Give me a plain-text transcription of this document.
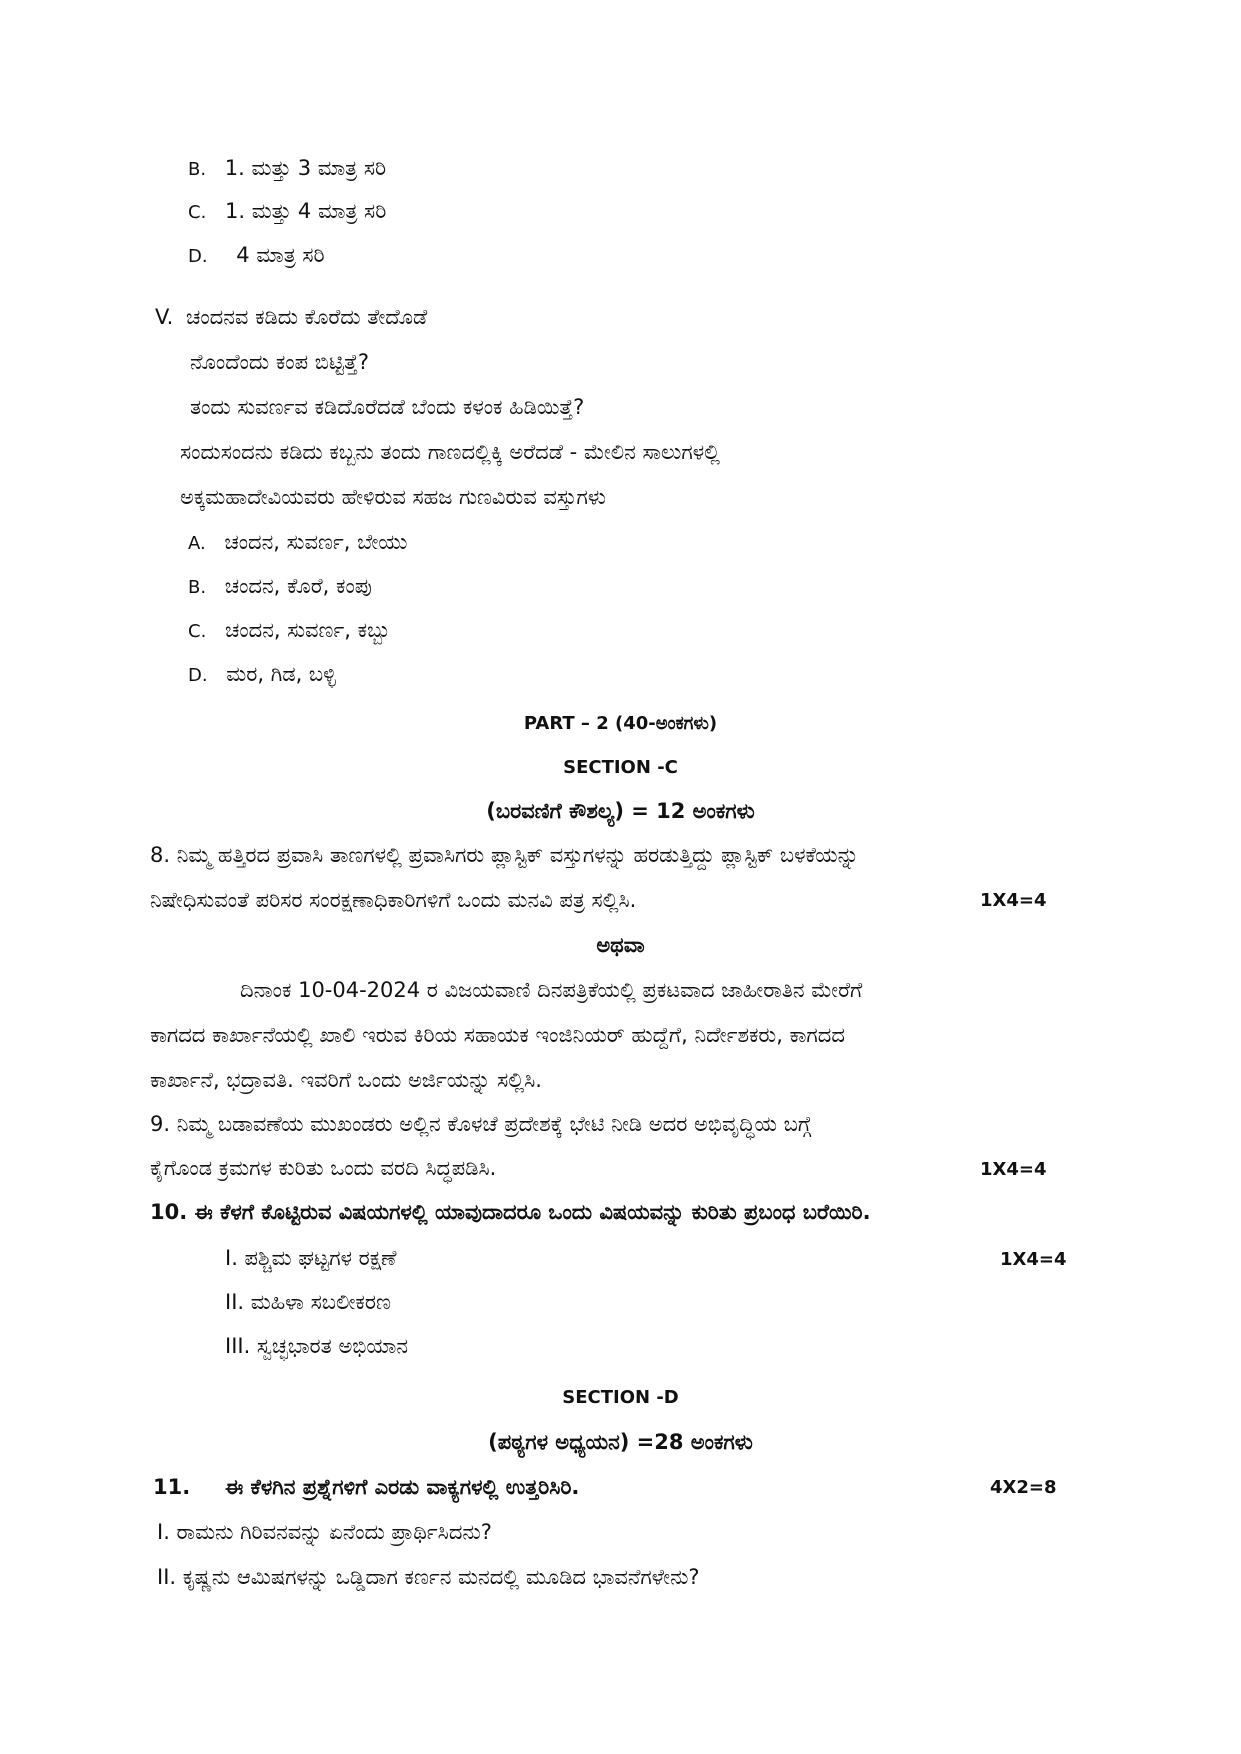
B. 1. ಮತ್ತು 3 ಮಾತ್ರ ಸರಿ
C. 1. ಮತ್ತು 4 ಮಾತ್ರ ಸರಿ
D. 4 ಮಾತ್ರ ಸರಿ
V. ಚಂದನವ ಕಡಿದು ಕೊರೆದು ತೇದೊಡೆ
ನೊಂದೆಂದು ಕಂಪ ಬಿಟ್ಟಿತ್ತೆ?
ತಂದು ಸುವರ್ಣವ ಕಡಿದೊರೆದಡೆ ಬೆಂದು ಕಳಂಕ ಹಿಡಿಯಿತ್ತೆ?
ಸಂದುಸಂದನು ಕಡಿದು ಕಬ್ಬನು ತಂದು ಗಾಣದಲ್ಲಿಕ್ಕಿ ಅರೆದಡೆ - ಮೇಲಿನ ಸಾಲುಗಳಲ್ಲಿ
ಅಕ್ಕಮಹಾದೇವಿಯವರು ಹೇಳಿರುವ ಸಹಜ ಗುಣವಿರುವ ವಸ್ತುಗಳು
A. ಚಂದನ, ಸುವರ್ಣ, ಬೇಯು
B. ಚಂದನ, ಕೊರೆ, ಕಂಪು
C. ಚಂದನ, ಸುವರ್ಣ, ಕಬ್ಬು
D. ಮರ, ಗಿಡ, ಬಳ್ಳಿ
PART – 2 (40-ಅಂಕಗಳು)
SECTION -C
(ಬರವಣಿಗೆ ಕೌಶಲ್ಯ) = 12 ಅಂಕಗಳು
8. ನಿಮ್ಮ ಹತ್ತಿರದ ಪ್ರವಾಸಿ ತಾಣಗಳಲ್ಲಿ ಪ್ರವಾಸಿಗರು ಪ್ಲಾಸ್ಟಿಕ್ ವಸ್ತುಗಳನ್ನು ಹರಡುತ್ತಿದ್ದು ಪ್ಲಾಸ್ಟಿಕ್ ಬಳಕೆಯನ್ನು
ನಿಷೇಧಿಸುವಂತೆ ಪರಿಸರ ಸಂರಕ್ಷಣಾಧಿಕಾರಿಗಳಿಗೆ ಒಂದು ಮನವಿ ಪತ್ರ ಸಲ್ಲಿಸಿ.	1X4=4
ಅಥವಾ
ದಿನಾಂಕ 10-04-2024 ರ ವಿಜಯವಾಣಿ ದಿನಪತ್ರಿಕೆಯಲ್ಲಿ ಪ್ರಕಟವಾದ ಜಾಹೀರಾತಿನ ಮೇರೆಗೆ
ಕಾಗದದ ಕಾರ್ಖಾನೆಯಲ್ಲಿ ಖಾಲಿ ಇರುವ ಕಿರಿಯ ಸಹಾಯಕ ಇಂಜಿನಿಯರ್ ಹುದ್ದೆಗೆ, ನಿರ್ದೇಶಕರು, ಕಾಗದದ
ಕಾರ್ಖಾನೆ, ಭದ್ರಾವತಿ. ಇವರಿಗೆ ಒಂದು ಅರ್ಜಿಯನ್ನು ಸಲ್ಲಿಸಿ.
9. ನಿಮ್ಮ ಬಡಾವಣೆಯ ಮುಖಂಡರು ಅಲ್ಲಿನ ಕೊಳಚೆ ಪ್ರದೇಶಕ್ಕೆ ಭೇಟಿ ನೀಡಿ ಅದರ ಅಭಿವೃದ್ಧಿಯ ಬಗ್ಗೆ
ಕೈಗೊಂಡ ಕ್ರಮಗಳ ಕುರಿತು ಒಂದು ವರದಿ ಸಿದ್ಧಪಡಿಸಿ.	1X4=4
10. ಈ ಕೆಳಗೆ ಕೊಟ್ಟಿರುವ ವಿಷಯಗಳಲ್ಲಿ ಯಾವುದಾದರೂ ಒಂದು ವಿಷಯವನ್ನು ಕುರಿತು ಪ್ರಬಂಧ ಬರೆಯಿರಿ.
I. ಪಶ್ಚಿಮ ಘಟ್ಟಗಳ ರಕ್ಷಣೆ	1X4=4
II. ಮಹಿಳಾ ಸಬಲೀಕರಣ
III. ಸ್ವಚ್ಛಭಾರತ ಅಭಿಯಾನ
SECTION -D
(ಪಠ್ಯಗಳ ಅಧ್ಯಯನ) =28 ಅಂಕಗಳು
11. ಈ ಕೆಳಗಿನ ಪ್ರಶ್ನೆಗಳಿಗೆ ಎರಡು ವಾಕ್ಯಗಳಲ್ಲಿ ಉತ್ತರಿಸಿರಿ.	4X2=8
I. ರಾಮನು ಗಿರಿವನವನ್ನು ಏನೆಂದು ಪ್ರಾರ್ಥಿಸಿದನು?
II. ಕೃಷ್ಣನು ಆಮಿಷಗಳನ್ನು ಒಡ್ಡಿದಾಗ ಕರ್ಣನ ಮನದಲ್ಲಿ ಮೂಡಿದ ಭಾವನೆಗಳೇನು?
